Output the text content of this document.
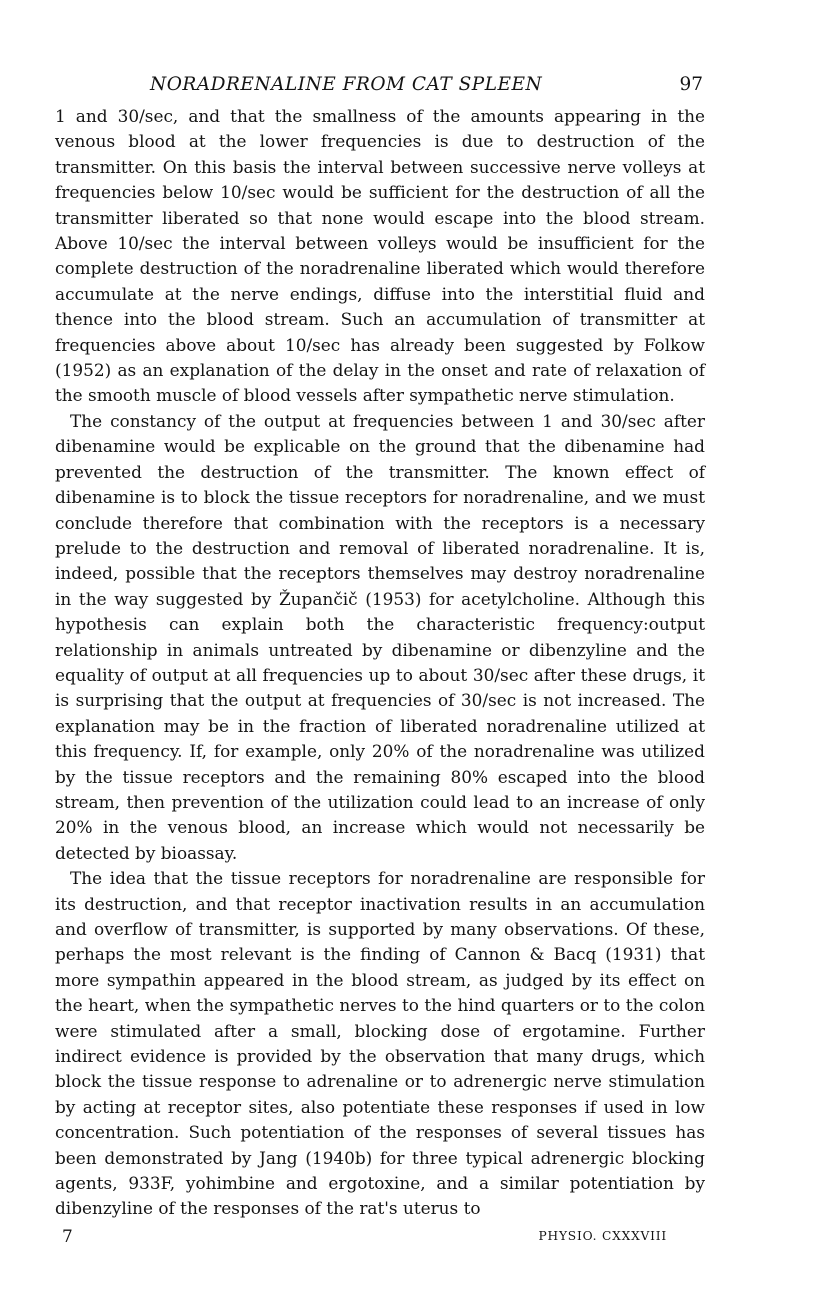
NORADRENALINE FROM CAT SPLEEN	97

1 and 30/sec, and that the smallness of the amounts appearing in the venous blood at the lower frequencies is due to destruction of the transmitter. On this basis the interval between successive nerve volleys at frequencies below 10/sec would be sufficient for the destruction of all the transmitter liberated so that none would escape into the blood stream. Above 10/sec the interval between volleys would be insufficient for the complete destruction of the noradrenaline liberated which would therefore accumulate at the nerve endings, diffuse into the interstitial fluid and thence into the blood stream. Such an accumulation of transmitter at frequencies above about 10/sec has already been suggested by Folkow (1952) as an explanation of the delay in the onset and rate of relaxation of the smooth muscle of blood vessels after sympathetic nerve stimulation.

The constancy of the output at frequencies between 1 and 30/sec after dibenamine would be explicable on the ground that the dibenamine had prevented the destruction of the transmitter. The known effect of dibenamine is to block the tissue receptors for noradrenaline, and we must conclude therefore that combination with the receptors is a necessary prelude to the destruction and removal of liberated noradrenaline. It is, indeed, possible that the receptors themselves may destroy noradrenaline in the way suggested by Župančič (1953) for acetylcholine. Although this hypothesis can explain both the characteristic frequency:output relationship in animals untreated by dibenamine or dibenzyline and the equality of output at all frequencies up to about 30/sec after these drugs, it is surprising that the output at frequencies of 30/sec is not increased. The explanation may be in the fraction of liberated noradrenaline utilized at this frequency. If, for example, only 20% of the noradrenaline was utilized by the tissue receptors and the remaining 80% escaped into the blood stream, then prevention of the utilization could lead to an increase of only 20% in the venous blood, an increase which would not necessarily be detected by bioassay.

The idea that the tissue receptors for noradrenaline are responsible for its destruction, and that receptor inactivation results in an accumulation and overflow of transmitter, is supported by many observations. Of these, perhaps the most relevant is the finding of Cannon & Bacq (1931) that more sympathin appeared in the blood stream, as judged by its effect on the heart, when the sympathetic nerves to the hind quarters or to the colon were stimulated after a small, blocking dose of ergotamine. Further indirect evidence is provided by the observation that many drugs, which block the tissue response to adrenaline or to adrenergic nerve stimulation by acting at receptor sites, also potentiate these responses if used in low concentration. Such potentiation of the responses of several tissues has been demonstrated by Jang (1940b) for three typical adrenergic blocking agents, 933F, yohimbine and ergotoxine, and a similar potentiation by dibenzyline of the responses of the rat's uterus to

7	PHYSIO. CXXXVIII
